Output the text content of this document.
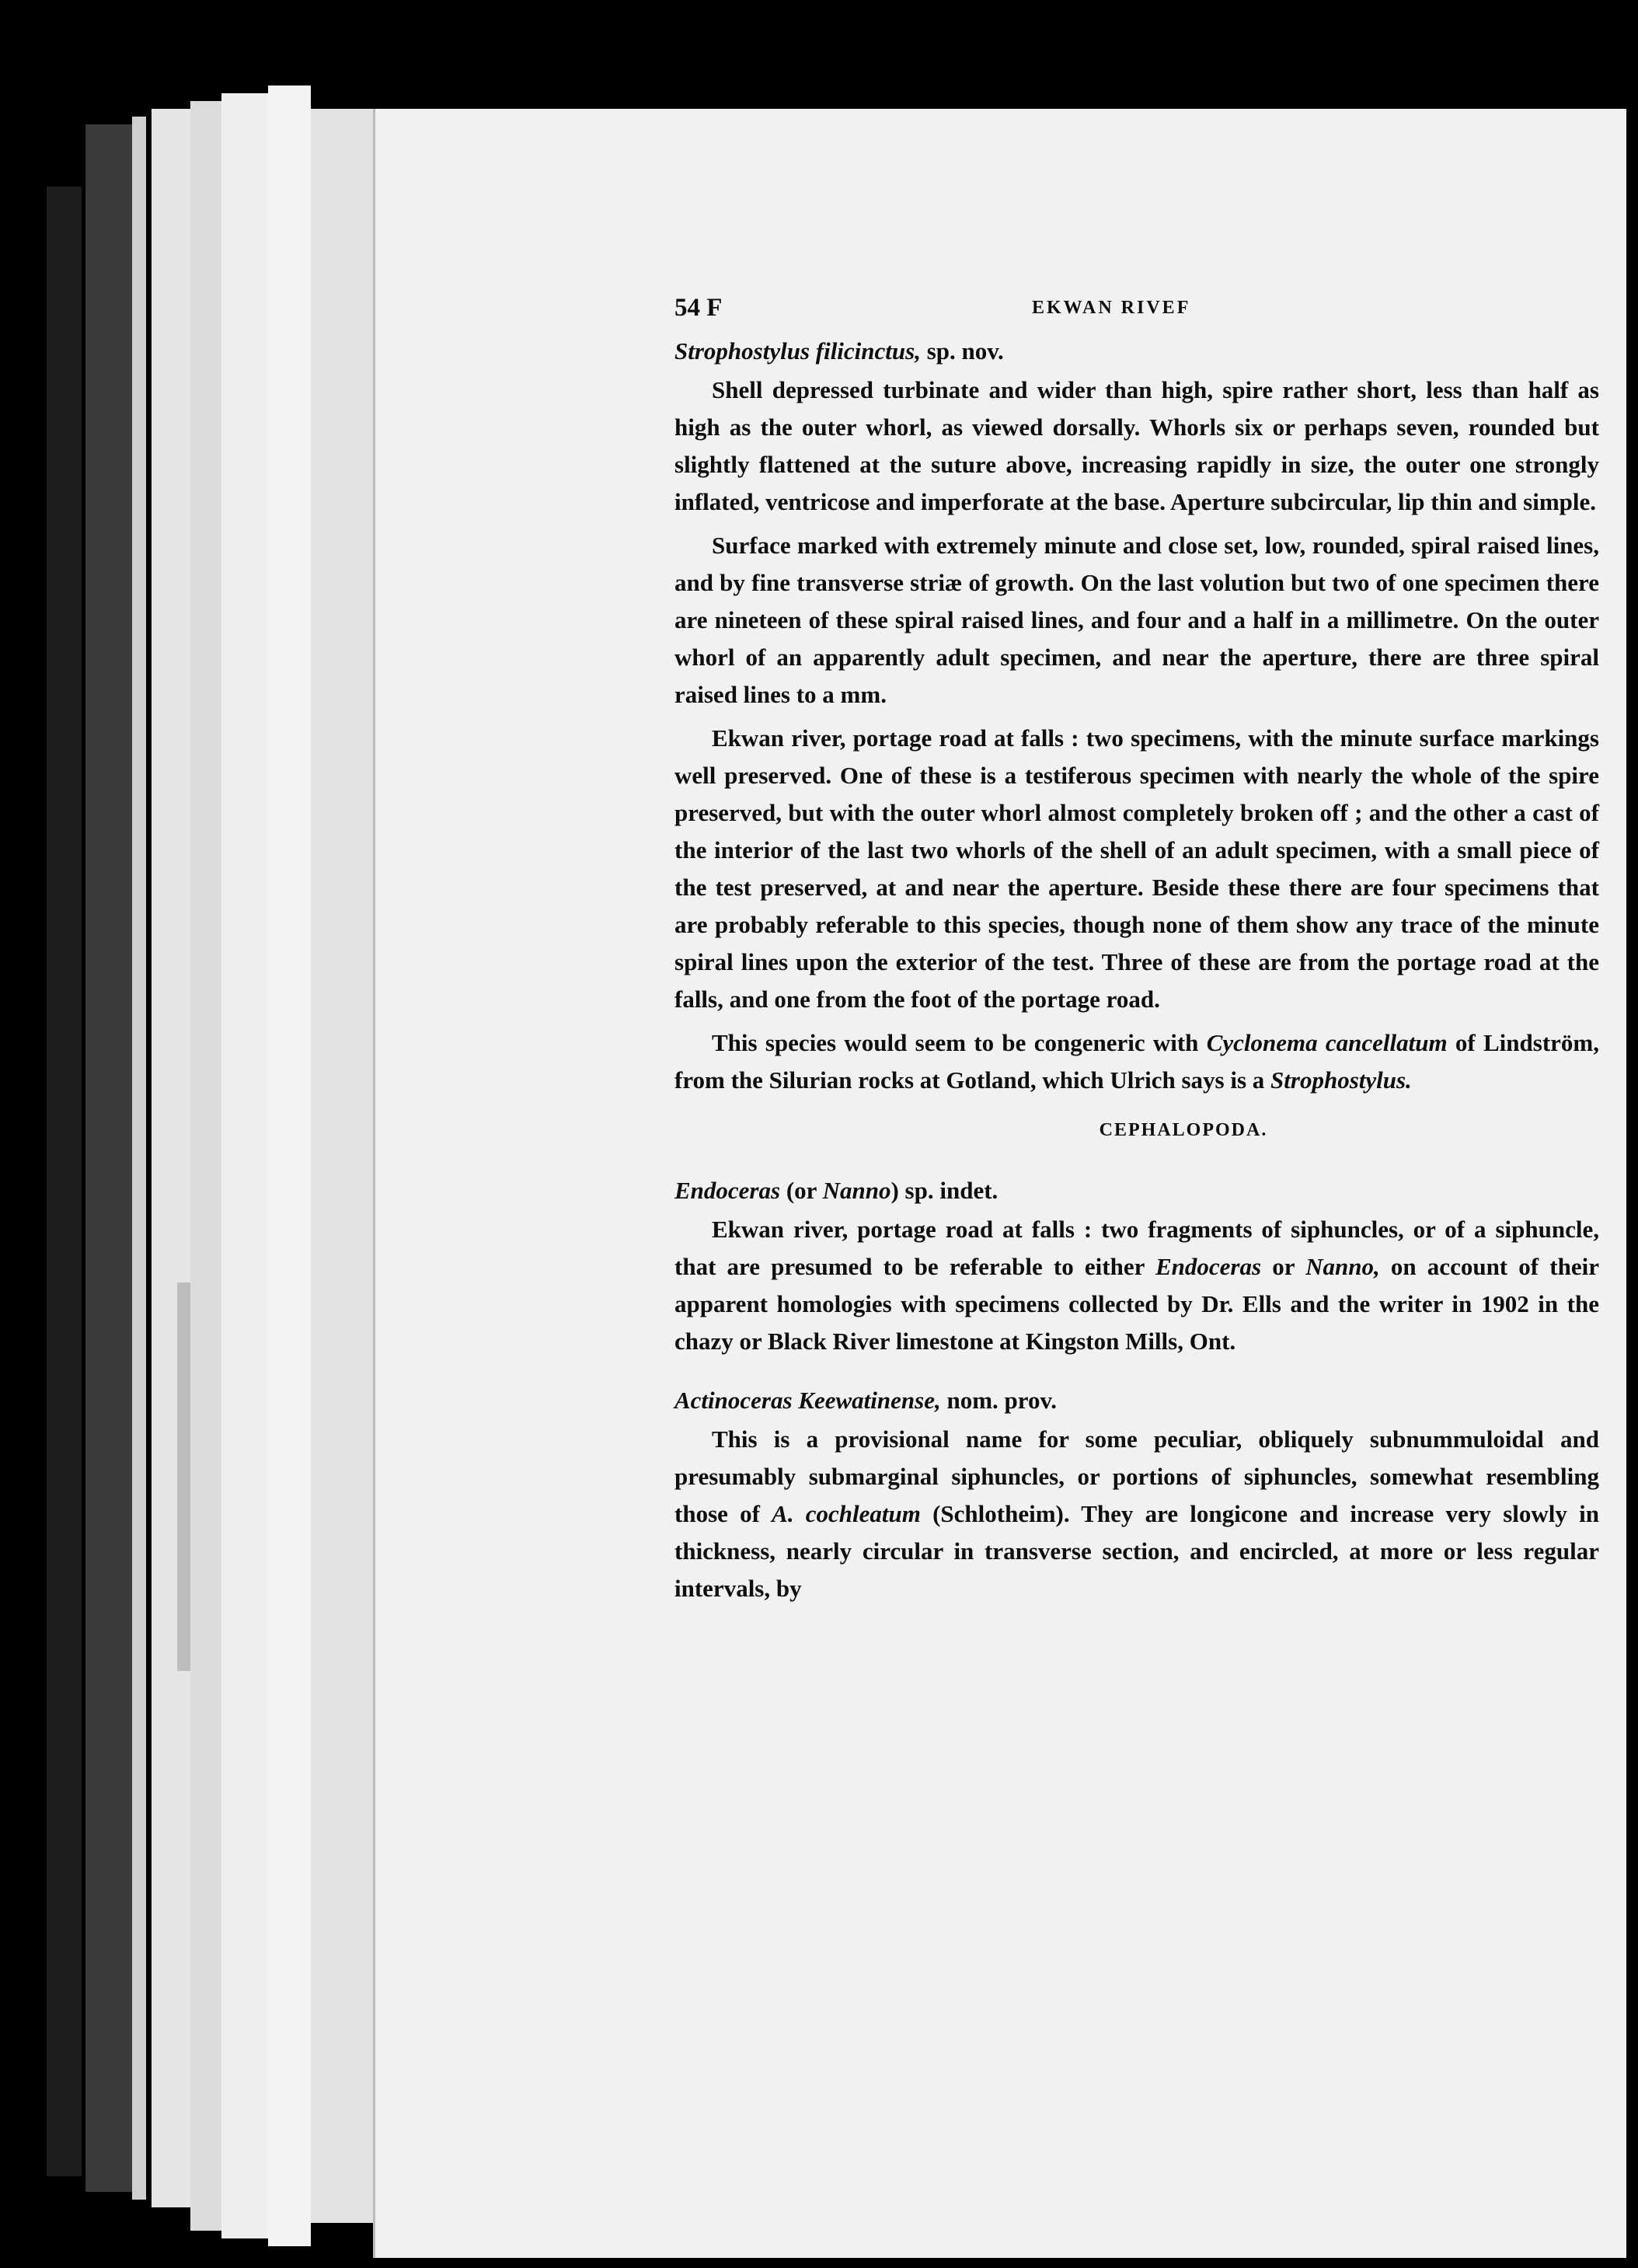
54 F	EKWAN RIVEF
Strophostylus filicinctus, sp. nov.

Shell depressed turbinate and wider than high, spire rather short, less than half as high as the outer whorl, as viewed dorsally. Whorls six or perhaps seven, rounded but slightly flattened at the suture above, increasing rapidly in size, the outer one strongly inflated, ventricose and imperforate at the base. Aperture subcircular, lip thin and simple.

Surface marked with extremely minute and close set, low, rounded, spiral raised lines, and by fine transverse striæ of growth. On the last volution but two of one specimen there are nineteen of these spiral raised lines, and four and a half in a millimetre. On the outer whorl of an apparently adult specimen, and near the aperture, there are three spiral raised lines to a mm.

Ekwan river, portage road at falls : two specimens, with the minute surface markings well preserved. One of these is a testiferous specimen with nearly the whole of the spire preserved, but with the outer whorl almost completely broken off ; and the other a cast of the interior of the last two whorls of the shell of an adult specimen, with a small piece of the test preserved, at and near the aperture. Beside these there are four specimens that are probably referable to this species, though none of them show any trace of the minute spiral lines upon the exterior of the test. Three of these are from the portage road at the falls, and one from the foot of the portage road.

This species would seem to be congeneric with Cyclonema cancellatum of Lindström, from the Silurian rocks at Gotland, which Ulrich says is a Strophostylus.

CEPHALOPODA.
Endoceras (or Nanno) sp. indet.

Ekwan river, portage road at falls : two fragments of siphuncles, or of a siphuncle, that are presumed to be referable to either Endoceras or Nanno, on account of their apparent homologies with specimens collected by Dr. Ells and the writer in 1902 in the chazy or Black River limestone at Kingston Mills, Ont.

Actinoceras Keewatinense, nom. prov.

This is a provisional name for some peculiar, obliquely subnummuloidal and presumably submarginal siphuncles, or portions of siphuncles, somewhat resembling those of A. cochleatum (Schlotheim). They are longicone and increase very slowly in thickness, nearly circular in transverse section, and encircled, at more or less regular intervals, by
